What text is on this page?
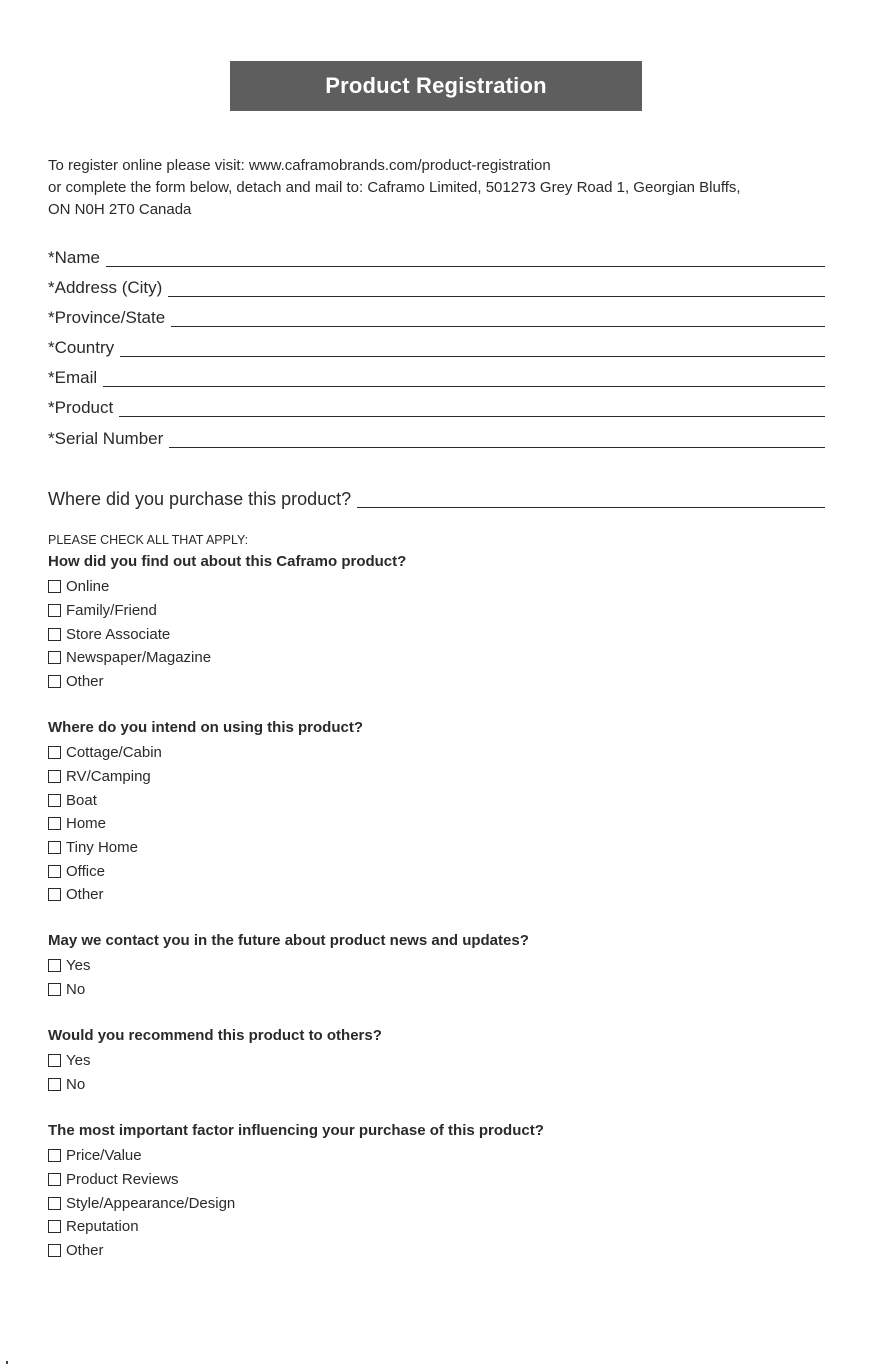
Product Registration
To register online please visit: www.caframobrands.com/product-registration
or complete the form below, detach and mail to: Caframo Limited, 501273 Grey Road 1, Georgian Bluffs,
ON N0H 2T0 Canada
*Name
*Address (City)
*Province/State
*Country
*Email
*Product
*Serial Number
Where did you purchase this product?
PLEASE CHECK ALL THAT APPLY:
How did you find out about this Caframo product?
Online
Family/Friend
Store Associate
Newspaper/Magazine
Other
Where do you intend on using this product?
Cottage/Cabin
RV/Camping
Boat
Home
Tiny Home
Office
Other
May we contact you in the future about product news and updates?
Yes
No
Would you recommend this product to others?
Yes
No
The most important factor influencing your purchase of this product?
Price/Value
Product Reviews
Style/Appearance/Design
Reputation
Other
